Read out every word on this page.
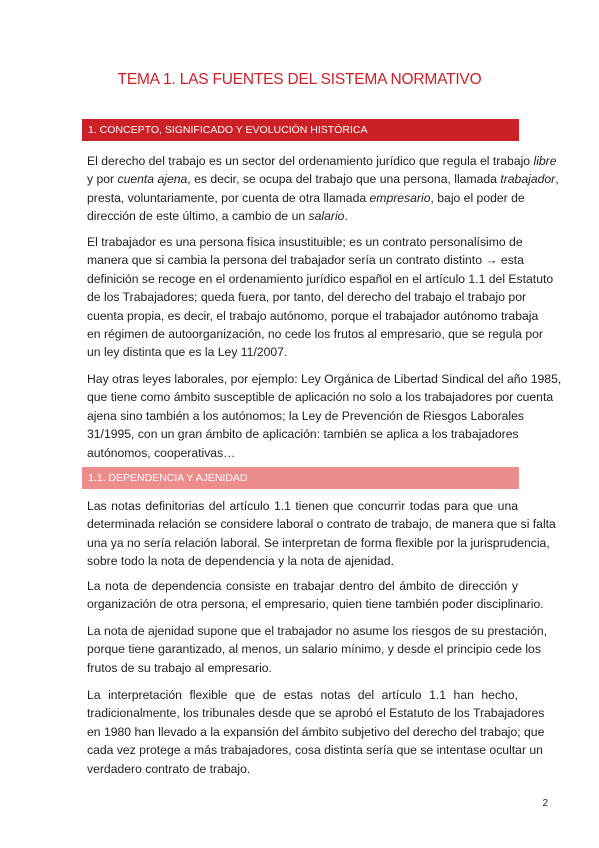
TEMA 1. LAS FUENTES DEL SISTEMA NORMATIVO
1. CONCEPTO, SIGNIFICADO Y EVOLUCIÓN HISTÓRICA
El derecho del trabajo es un sector del ordenamiento jurídico que regula el trabajo libre
y por cuenta ajena, es decir, se ocupa del trabajo que una persona, llamada trabajador,
presta, voluntariamente, por cuenta de otra llamada empresario, bajo el poder de
dirección de este último, a cambio de un salario.
El trabajador es una persona física insustituible; es un contrato personalísimo de
manera que si cambia la persona del trabajador sería un contrato distinto → esta
definición se recoge en el ordenamiento jurídico español en el artículo 1.1 del Estatuto
de los Trabajadores; queda fuera, por tanto, del derecho del trabajo el trabajo por
cuenta propia, es decir, el trabajo autónomo, porque el trabajador autónomo trabaja
en régimen de autoorganización, no cede los frutos al empresario, que se regula por
un ley distinta que es la Ley 11/2007.
Hay otras leyes laborales, por ejemplo: Ley Orgánica de Libertad Sindical del año 1985,
que tiene como ámbito susceptible de aplicación no solo a los trabajadores por cuenta
ajena sino también a los autónomos; la Ley de Prevención de Riesgos Laborales
31/1995, con un gran ámbito de aplicación: también se aplica a los trabajadores
autónomos, cooperativas…
1.1. DEPENDENCIA Y AJENIDAD
Las notas definitorias del artículo 1.1 tienen que concurrir todas para que una
determinada relación se considere laboral o contrato de trabajo, de manera que si falta
una ya no sería relación laboral. Se interpretan de forma flexible por la jurisprudencia,
sobre todo la nota de dependencia y la nota de ajenidad.
La nota de dependencia consiste en trabajar dentro del ámbito de dirección y
organización de otra persona, el empresario, quien tiene también poder disciplinario.
La nota de ajenidad supone que el trabajador no asume los riesgos de su prestación,
porque tiene garantizado, al menos, un salario mínimo, y desde el principio cede los
frutos de su trabajo al empresario.
La interpretación flexible que de estas notas del artículo 1.1 han hecho,
tradicionalmente, los tribunales desde que se aprobó el Estatuto de los Trabajadores
en 1980 han llevado a la expansión del ámbito subjetivo del derecho del trabajo; que
cada vez protege a más trabajadores, cosa distinta sería que se intentase ocultar un
verdadero contrato de trabajo.
2
